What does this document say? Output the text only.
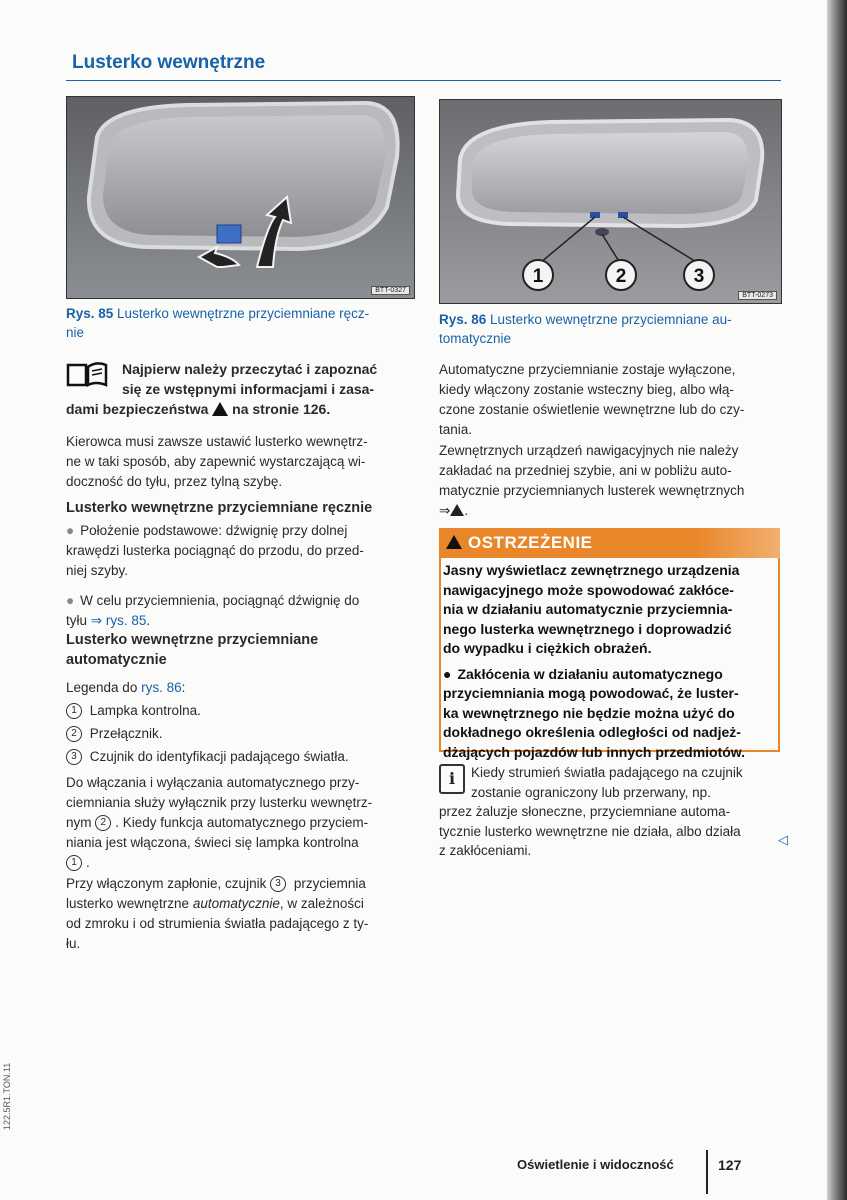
Lusterko wewnętrzne
BTT-0327
Rys. 85 Lusterko wewnętrzne przyciemniane ręcz-
nie
1	2	3
BTT-0273
Rys. 86 Lusterko wewnętrzne przyciemniane au-
tomatycznie
Najpierw należy przeczytać i zapoznać
się ze wstępnymi informacjami i zasa-
dami bezpieczeństwa  na stronie 126.
Kierowca musi zawsze ustawić lusterko wewnętrz-
ne w taki sposób, aby zapewnić wystarczającą wi-
doczność do tyłu, przez tylną szybę.
Lusterko wewnętrzne przyciemniane ręcznie
● Położenie podstawowe: dźwignię przy dolnej
krawędzi lusterka pociągnąć do przodu, do przed-
niej szyby.
● W celu przyciemnienia, pociągnąć dźwignię do
tyłu ⇒ rys. 85.
Lusterko wewnętrzne przyciemniane
automatycznie
Legenda do rys. 86:
1 Lampka kontrolna.
2 Przełącznik.
3 Czujnik do identyfikacji padającego światła.
Do włączania i wyłączania automatycznego przy-
ciemniania służy wyłącznik przy lusterku wewnętrz-
nym 2 . Kiedy funkcja automatycznego przyciem-
niania jest włączona, świeci się lampka kontrolna
1 .
Przy włączonym zapłonie, czujnik 3 przyciemnia
lusterko wewnętrzne automatycznie, w zależności
od zmroku i od strumienia światła padającego z ty-
łu.
Automatyczne przyciemnianie zostaje wyłączone,
kiedy włączony zostanie wsteczny bieg, albo włą-
czone zostanie oświetlenie wewnętrzne lub do czy-
tania.
Zewnętrznych urządzeń nawigacyjnych nie należy
zakładać na przedniej szybie, ani w pobliżu auto-
matycznie przyciemnianych lusterek wewnętrznych
⇒ .
OSTRZEŻENIE
Jasny wyświetlacz zewnętrznego urządzenia
nawigacyjnego może spowodować zakłóce-
nia w działaniu automatycznie przyciemnia-
nego lusterka wewnętrznego i doprowadzić
do wypadku i ciężkich obrażeń.
● Zakłócenia w działaniu automatycznego
przyciemniania mogą powodować, że luster-
ka wewnętrznego nie będzie można użyć do
dokładnego określenia odległości od nadjeż-
dżających pojazdów lub innych przedmiotów.
i	Kiedy strumień światła padającego na czujnik
zostanie ograniczony lub przerwany, np.
przez żaluzje słoneczne, przyciemniane automa-
tycznie lusterko wewnętrzne nie działa, albo działa
z zakłóceniami.
◁
Oświetlenie i widoczność	127
122.5R1.TON.11
